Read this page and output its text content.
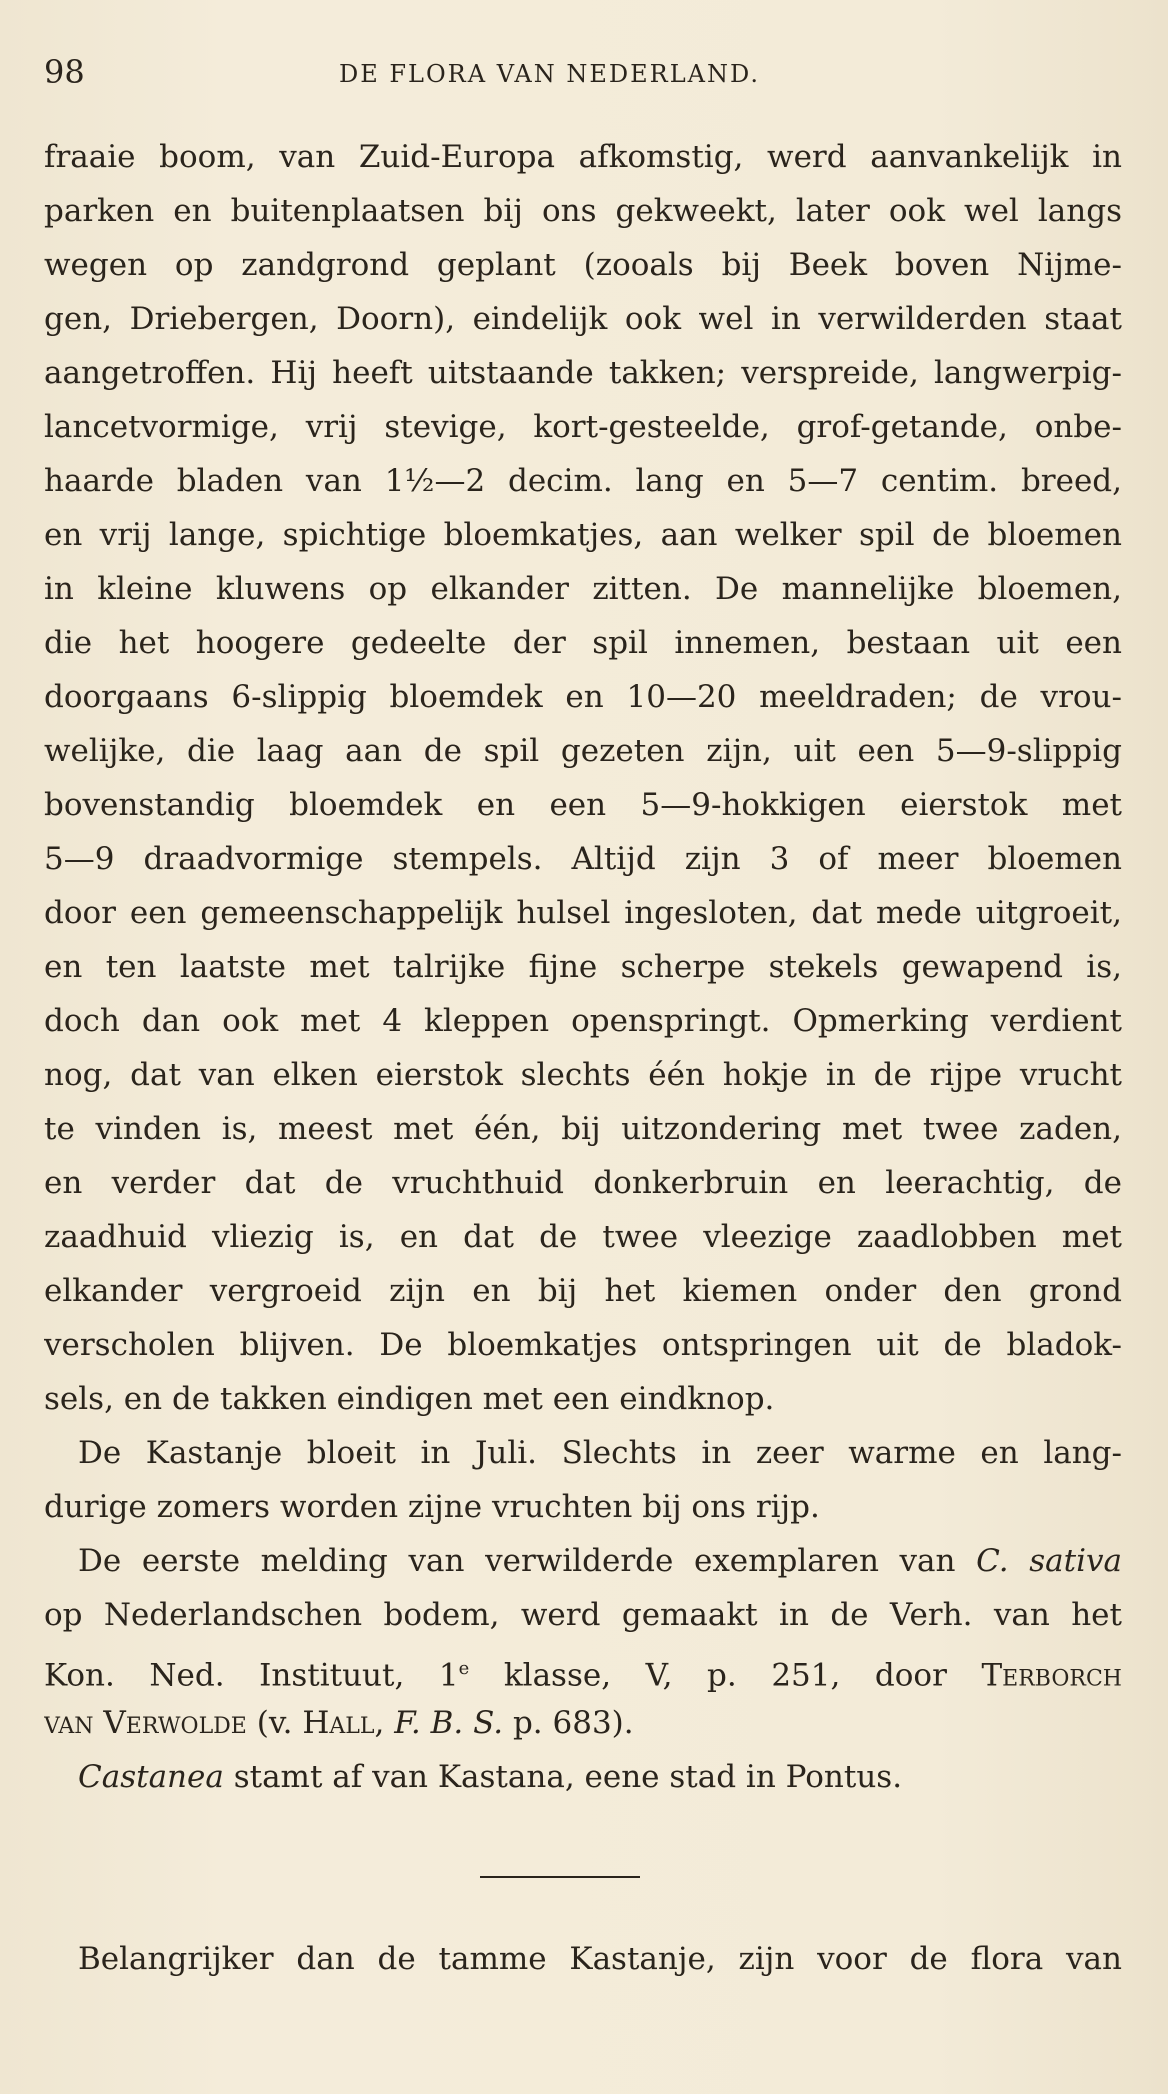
98	DE FLORA VAN NEDERLAND.
fraaie boom, van Zuid-Europa afkomstig, werd aanvankelijk in
parken en buitenplaatsen bij ons gekweekt, later ook wel langs
wegen op zandgrond geplant (zooals bij Beek boven Nijme-
gen, Driebergen, Doorn), eindelijk ook wel in verwilderden staat
aangetroffen. Hij heeft uitstaande takken; verspreide, langwerpig-
lancetvormige, vrij stevige, kort-gesteelde, grof-getande, onbe-
haarde bladen van 1½—2 decim. lang en 5—7 centim. breed,
en vrij lange, spichtige bloemkatjes, aan welker spil de bloemen
in kleine kluwens op elkander zitten. De mannelijke bloemen,
die het hoogere gedeelte der spil innemen, bestaan uit een
doorgaans 6-slippig bloemdek en 10—20 meeldraden; de vrou-
welijke, die laag aan de spil gezeten zijn, uit een 5—9-slippig
bovenstandig bloemdek en een 5—9-hokkigen eierstok met
5—9 draadvormige stempels. Altijd zijn 3 of meer bloemen
door een gemeenschappelijk hulsel ingesloten, dat mede uitgroeit,
en ten laatste met talrijke fijne scherpe stekels gewapend is,
doch dan ook met 4 kleppen openspringt. Opmerking verdient
nog, dat van elken eierstok slechts één hokje in de rijpe vrucht
te vinden is, meest met één, bij uitzondering met twee zaden,
en verder dat de vruchthuid donkerbruin en leerachtig, de
zaadhuid vliezig is, en dat de twee vleezige zaadlobben met
elkander vergroeid zijn en bij het kiemen onder den grond
verscholen blijven. De bloemkatjes ontspringen uit de bladok-
sels, en de takken eindigen met een eindknop.
De Kastanje bloeit in Juli. Slechts in zeer warme en lang-
durige zomers worden zijne vruchten bij ons rijp.
De eerste melding van verwilderde exemplaren van C. sativa
op Nederlandschen bodem, werd gemaakt in de Verh. van het
Kon. Ned. Instituut, 1e klasse, V, p. 251, door Terborch
van Verwolde (v. Hall, F. B. S. p. 683).
Castanea stamt af van Kastana, eene stad in Pontus.
Belangrijker dan de tamme Kastanje, zijn voor de flora van
